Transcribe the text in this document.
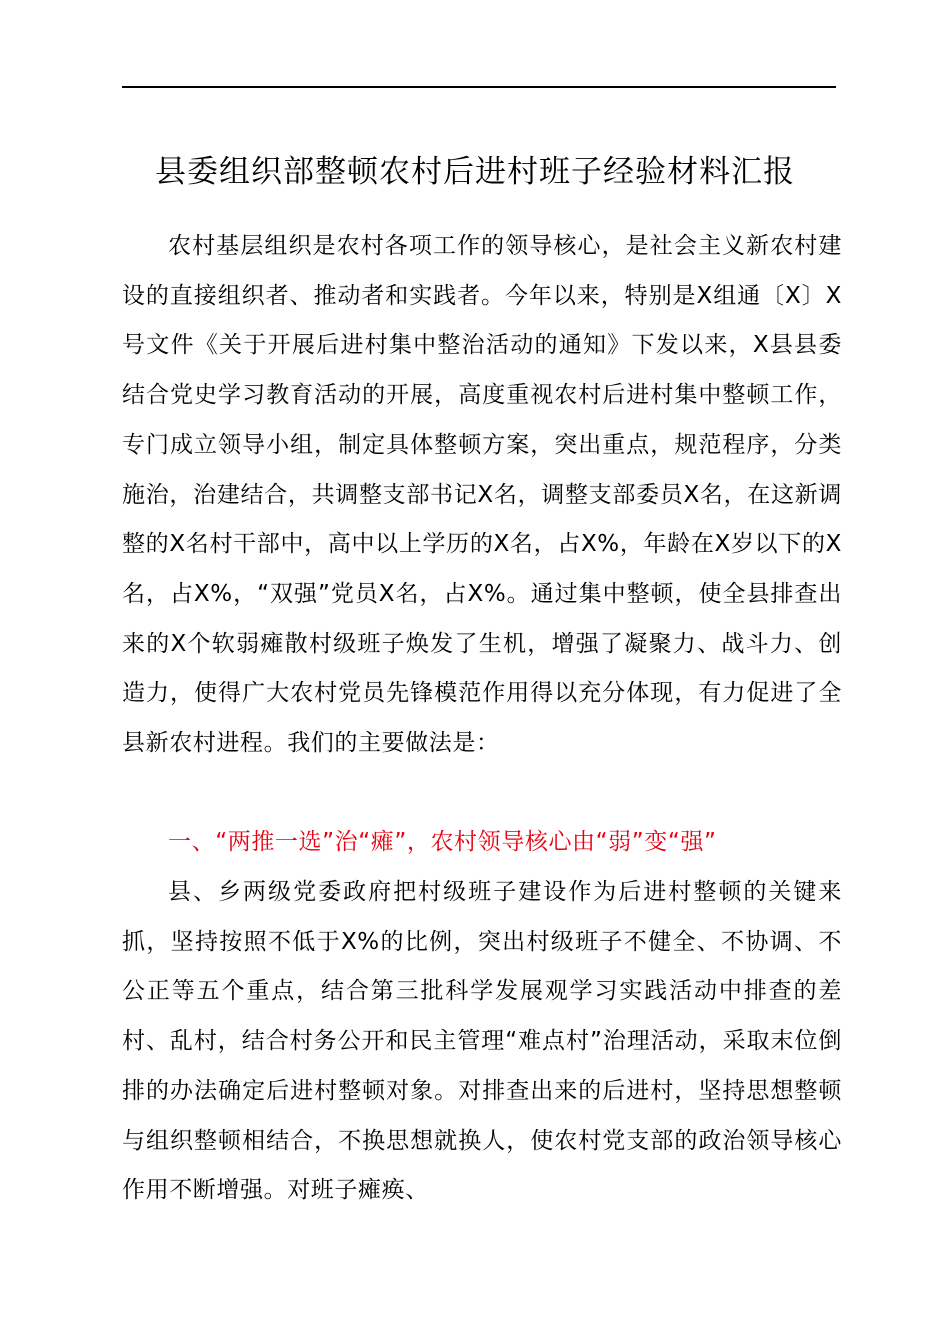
县委组织部整顿农村后进村班子经验材料汇报

农村基层组织是农村各项工作的领导核心，是社会主义新农村建设的直接组织者、推动者和实践者。今年以来，特别是X组通〔X〕X号文件《关于开展后进村集中整治活动的通知》下发以来，X县县委结合党史学习教育活动的开展，高度重视农村后进村集中整顿工作，专门成立领导小组，制定具体整顿方案，突出重点，规范程序，分类施治，治建结合，共调整支部书记X名，调整支部委员X名，在这新调整的X名村干部中，高中以上学历的X名，占X%，年龄在X岁以下的X名，占X%，“双强”党员X名，占X%。通过集中整顿，使全县排查出来的X个软弱瘫散村级班子焕发了生机，增强了凝聚力、战斗力、创造力，使得广大农村党员先锋模范作用得以充分体现，有力促进了全县新农村进程。我们的主要做法是：

一、“两推一选”治“瘫”，农村领导核心由“弱”变“强”

县、乡两级党委政府把村级班子建设作为后进村整顿的关键来抓，坚持按照不低于X%的比例，突出村级班子不健全、不协调、不公正等五个重点，结合第三批科学发展观学习实践活动中排查的差村、乱村，结合村务公开和民主管理“难点村”治理活动，采取末位倒排的办法确定后进村整顿对象。对排查出来的后进村，坚持思想整顿与组织整顿相结合，不换思想就换人，使农村党支部的政治领导核心作用不断增强。对班子瘫痪、
